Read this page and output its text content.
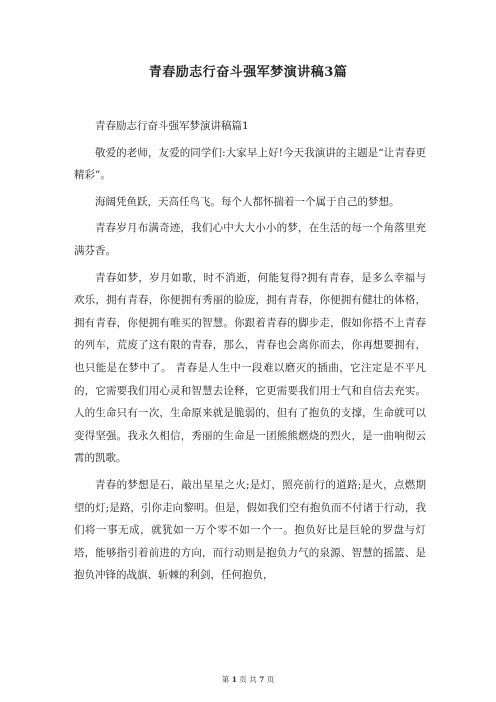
青春励志行奋斗强军梦演讲稿3篇

青春励志行奋斗强军梦演讲稿篇1

敬爱的老师，友爱的同学们:大家早上好!今天我演讲的主题是“让青春更精彩”。

海阔凭鱼跃，天高任鸟飞。每个人都怀揣着一个属于自己的梦想。

青春岁月布满奇迹，我们心中大大小小的梦，在生活的每一个角落里充满芬香。

青春如梦，岁月如歌，时不消逝，何能复得?拥有青春，是多么幸福与欢乐，拥有青春，你便拥有秀丽的脸庞，拥有青春，你便拥有健壮的体格，拥有青春，你便拥有唯买的智慧。你跟着青春的脚步走，假如你搭不上青春的列车，荒废了这有限的青春，那么，青春也会离你而去，你再想要拥有，也只能是在梦中了。 青春是人生中一段难以磨灭的插曲，它注定是不平凡的，它需要我们用心灵和智慧去诠释，它更需要我们用士气和自信去充实。人的生命只有一次，生命原来就是脆弱的，但有了抱负的支撑，生命就可以变得坚强。我永久相信，秀丽的生命是一团熊熊燃烧的烈火，是一曲响彻云霄的凯歌。

青春的梦想是石，敲出星星之火;是灯，照亮前行的道路;是火，点燃期望的灯;是路，引你走向黎明。但是，假如我们空有抱负而不付诸于行动，我们将一事无成，就犹如一万个零不如一个一。抱负好比是巨轮的罗盘与灯塔，能够指引着前进的方向，而行动则是抱负力气的泉源、智慧的摇篮、是抱负冲锋的战旗、斩棘的利剑，任何抱负，

第 1 页 共 7 页
